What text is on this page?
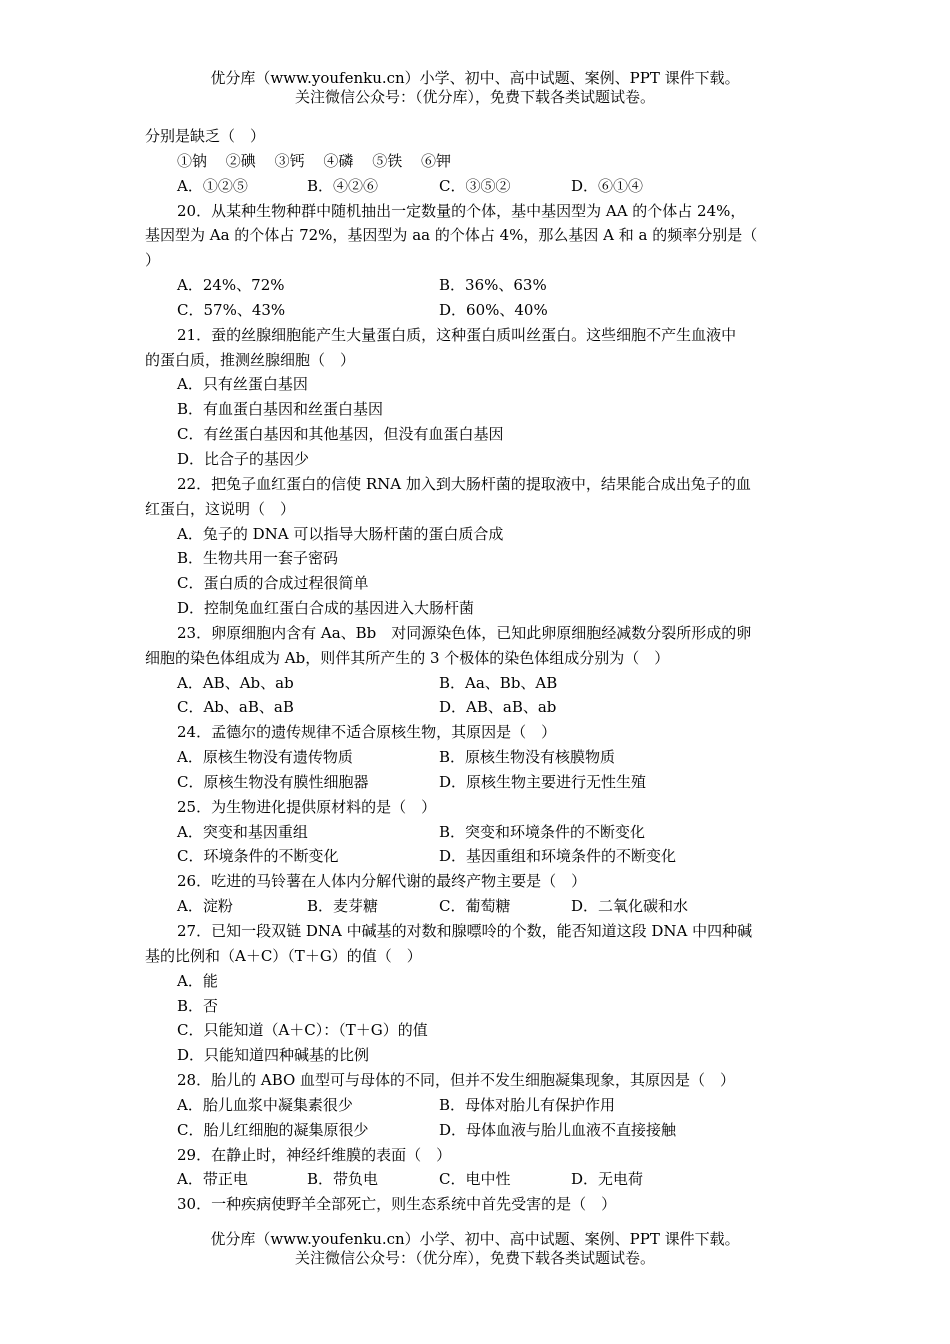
优分库（www.youfenku.cn）小学、初中、高中试题、案例、PPT 课件下载。
关注微信公众号：（优分库），免费下载各类试题试卷。
分别是缺乏（　）
①钠 ②碘 ③钙 ④磷 ⑤铁 ⑥钾
A．①②⑤	B．④②⑥	C．③⑤②	D．⑥①④
20．从某种生物种群中随机抽出一定数量的个体，基中基因型为 AA 的个体占 24%，
基因型为 Aa 的个体占 72%，基因型为 aa 的个体占 4%，那么基因 A 和 a 的频率分别是（
）
A．24%、72%	B．36%、63%
C．57%、43%	D．60%、40%
21．蚕的丝腺细胞能产生大量蛋白质，这种蛋白质叫丝蛋白。这些细胞不产生血液中
的蛋白质，推测丝腺细胞（　）
A．只有丝蛋白基因
B．有血蛋白基因和丝蛋白基因
C．有丝蛋白基因和其他基因，但没有血蛋白基因
D．比合子的基因少
22．把兔子血红蛋白的信使 RNA 加入到大肠杆菌的提取液中，结果能合成出兔子的血
红蛋白，这说明（　）
A．兔子的 DNA 可以指导大肠杆菌的蛋白质合成
B．生物共用一套子密码
C．蛋白质的合成过程很简单
D．控制兔血红蛋白合成的基因进入大肠杆菌
23．卵原细胞内含有 Aa、Bb　对同源染色体，已知此卵原细胞经减数分裂所形成的卵
细胞的染色体组成为 Ab，则伴其所产生的 3 个极体的染色体组成分别为（　）
A．AB、Ab、ab	B．Aa、Bb、AB
C．Ab、aB、aB	D．AB、aB、ab
24．孟德尔的遗传规律不适合原核生物，其原因是（　）
A．原核生物没有遗传物质	B．原核生物没有核膜物质
C．原核生物没有膜性细胞器	D．原核生物主要进行无性生殖
25．为生物进化提供原材料的是（　）
A．突变和基因重组	B．突变和环境条件的不断变化
C．环境条件的不断变化	D．基因重组和环境条件的不断变化
26．吃进的马铃薯在人体内分解代谢的最终产物主要是（　）
A．淀粉	B．麦芽糖	C．葡萄糖	D．二氧化碳和水
27．已知一段双链 DNA 中碱基的对数和腺嘌呤的个数，能否知道这段 DNA 中四种碱
基的比例和（A＋C）（T＋G）的值（　）
A．能
B．否
C．只能知道（A＋C）：（T＋G）的值
D．只能知道四种碱基的比例
28．胎儿的 ABO 血型可与母体的不同，但并不发生细胞凝集现象，其原因是（　）
A．胎儿血浆中凝集素很少	B．母体对胎儿有保护作用
C．胎儿红细胞的凝集原很少	D．母体血液与胎儿血液不直接接触
29．在静止时，神经纤维膜的表面（　）
A．带正电	B．带负电	C．电中性	D．无电荷
30．一种疾病使野羊全部死亡，则生态系统中首先受害的是（　）
优分库（www.youfenku.cn）小学、初中、高中试题、案例、PPT 课件下载。
关注微信公众号：（优分库），免费下载各类试题试卷。
